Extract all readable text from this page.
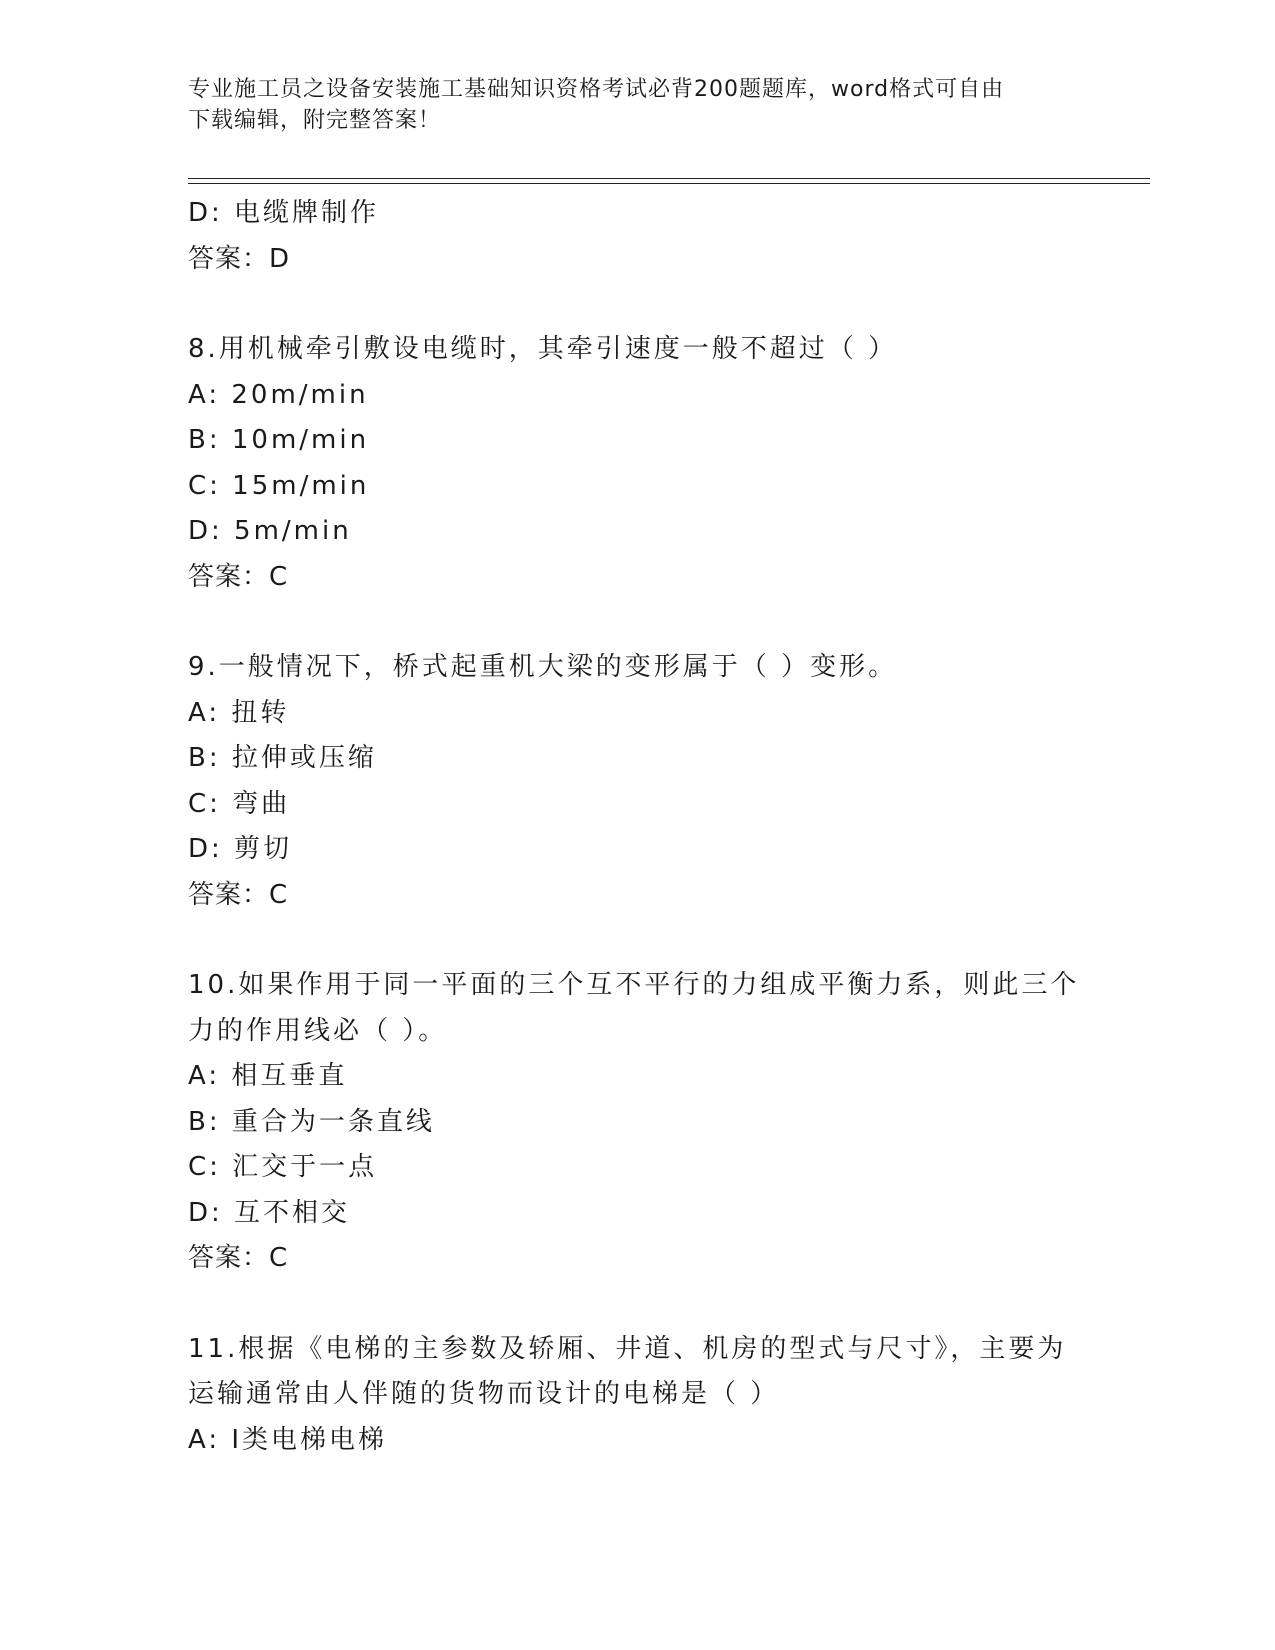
专业施工员之设备安装施工基础知识资格考试必背200题题库，word格式可自由
下载编辑，附完整答案！
D: 电缆牌制作
答案：D
8.用机械牵引敷设电缆时，其牵引速度一般不超过（ ）
A: 20m/min
B: 10m/min
C: 15m/min
D: 5m/min
答案：C
9.一般情况下，桥式起重机大梁的变形属于（ ）变形。
A: 扭转
B: 拉伸或压缩
C: 弯曲
D: 剪切
答案：C
10.如果作用于同一平面的三个互不平行的力组成平衡力系，则此三个
力的作用线必（ ）。
A: 相互垂直
B: 重合为一条直线
C: 汇交于一点
D: 互不相交
答案：C
11.根据《电梯的主参数及轿厢、井道、机房的型式与尺寸》，主要为
运输通常由人伴随的货物而设计的电梯是（ ）
A: Ⅰ类电梯电梯
